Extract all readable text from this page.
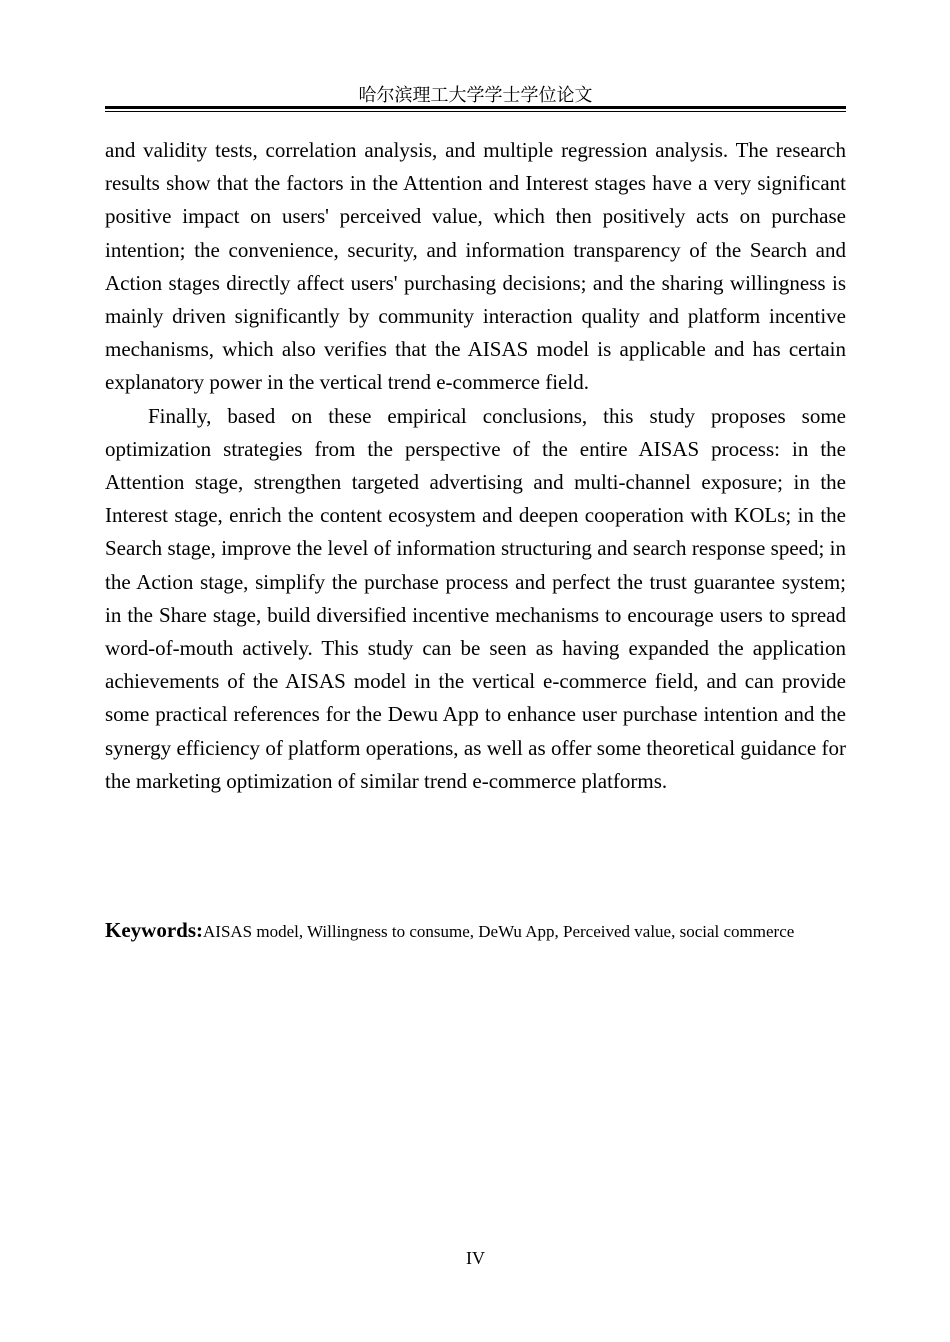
哈尔滨理工大学学士学位论文

and validity tests, correlation analysis, and multiple regression analysis. The research results show that the factors in the Attention and Interest stages have a very significant positive impact on users' perceived value, which then positively acts on purchase intention; the convenience, security, and information transparency of the Search and Action stages directly affect users' purchasing decisions; and the sharing willingness is mainly driven significantly by community interaction quality and platform incentive mechanisms, which also verifies that the AISAS model is applicable and has certain explanatory power in the vertical trend e-commerce field.

Finally, based on these empirical conclusions, this study proposes some optimization strategies from the perspective of the entire AISAS process: in the Attention stage, strengthen targeted advertising and multi-channel exposure; in the Interest stage, enrich the content ecosystem and deepen cooperation with KOLs; in the Search stage, improve the level of information structuring and search response speed; in the Action stage, simplify the purchase process and perfect the trust guarantee system; in the Share stage, build diversified incentive mechanisms to encourage users to spread word-of-mouth actively. This study can be seen as having expanded the application achievements of the AISAS model in the vertical e-commerce field, and can provide some practical references for the Dewu App to enhance user purchase intention and the synergy efficiency of platform operations, as well as offer some theoretical guidance for the marketing optimization of similar trend e-commerce platforms.

Keywords:AISAS model, Willingness to consume, DeWu App, Perceived value, social commerce
IV
